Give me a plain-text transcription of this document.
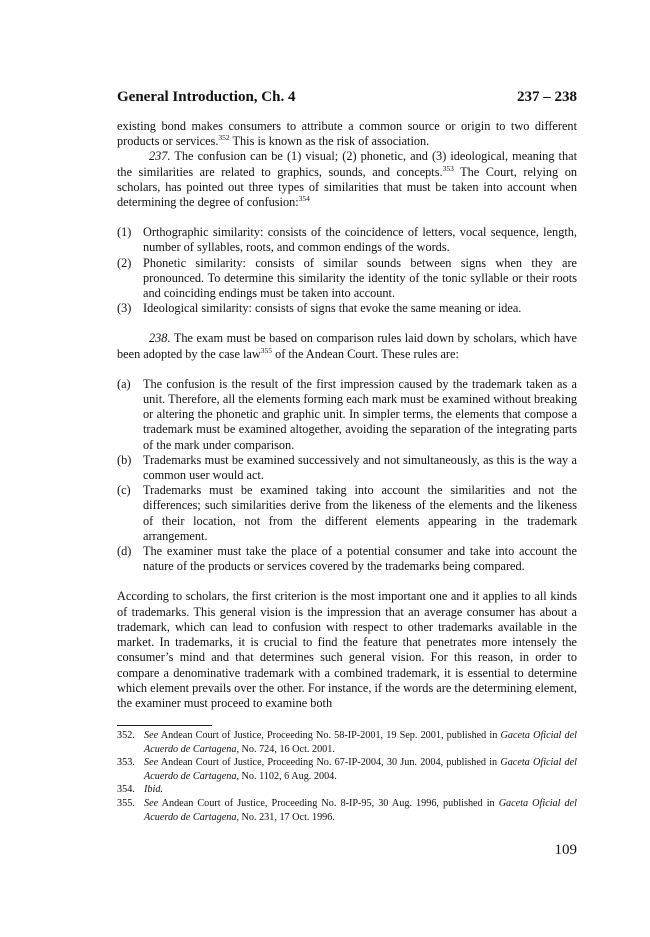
General Introduction, Ch. 4	237 – 238

existing bond makes consumers to attribute a common source or origin to two different products or services.$^{352}$ This is known as the risk of association.

237. The confusion can be (1) visual; (2) phonetic, and (3) ideological, meaning that the similarities are related to graphics, sounds, and concepts.$^{353}$ The Court, relying on scholars, has pointed out three types of similarities that must be taken into account when determining the degree of confusion:$^{354}$

(1) Orthographic similarity: consists of the coincidence of letters, vocal sequence, length, number of syllables, roots, and common endings of the words.
(2) Phonetic similarity: consists of similar sounds between signs when they are pronounced. To determine this similarity the identity of the tonic syllable or their roots and coinciding endings must be taken into account.
(3) Ideological similarity: consists of signs that evoke the same meaning or idea.

238. The exam must be based on comparison rules laid down by scholars, which have been adopted by the case law$^{355}$ of the Andean Court. These rules are:

(a)	The confusion is the result of the first impression caused by the trademark taken as a unit. Therefore, all the elements forming each mark must be examined without breaking or altering the phonetic and graphic unit. In simpler terms, the elements that compose a trademark must be examined altogether, avoiding the separation of the integrating parts of the mark under comparison.
(b) Trademarks must be examined successively and not simultaneously, as this is the way a common user would act.
(c)	Trademarks must be examined taking into account the similarities and not the differences; such similarities derive from the likeness of the elements and the likeness of their location, not from the different elements appearing in the trademark arrangement.
(d) The examiner must take the place of a potential consumer and take into account the nature of the products or services covered by the trademarks being compared.

According to scholars, the first criterion is the most important one and it applies to all kinds of trademarks. This general vision is the impression that an average consumer has about a trademark, which can lead to confusion with respect to other trademarks available in the market. In trademarks, it is crucial to find the feature that penetrates more intensely the consumer’s mind and that determines such general vision. For this reason, in order to compare a denominative trademark with a combined trademark, it is essential to determine which element prevails over the other. For instance, if the words are the determining element, the examiner must proceed to examine both

352. See Andean Court of Justice, Proceeding No. 58-IP-2001, 19 Sep. 2001, published in Gaceta Oficial del Acuerdo de Cartagena, No. 724, 16 Oct. 2001.
353. See Andean Court of Justice, Proceeding No. 67-IP-2004, 30 Jun. 2004, published in Gaceta Oficial del Acuerdo de Cartagena, No. 1102, 6 Aug. 2004.
354. Ibid.
355. See Andean Court of Justice, Proceeding No. 8-IP-95, 30 Aug. 1996, published in Gaceta Oficial del Acuerdo de Cartagena, No. 231, 17 Oct. 1996.
109
